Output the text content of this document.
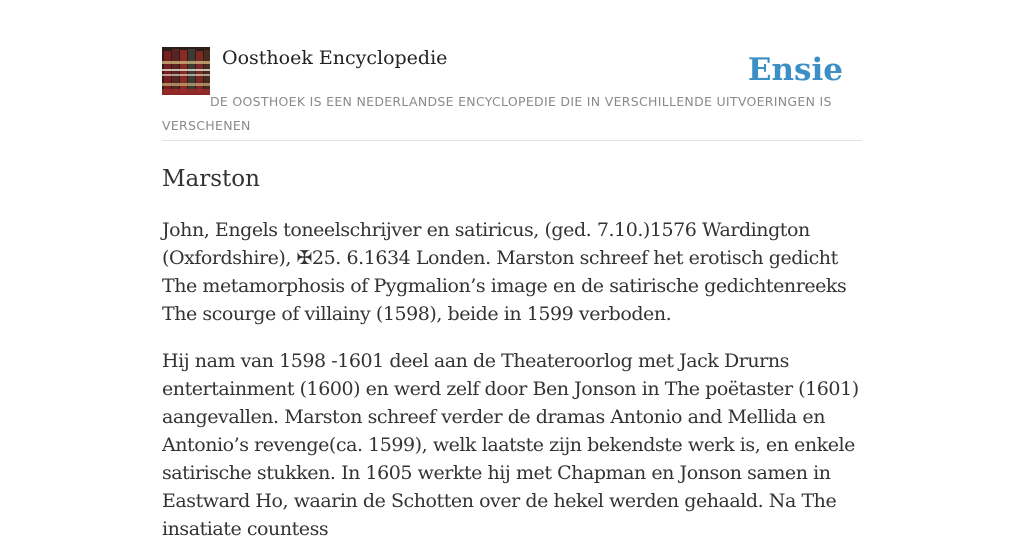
Oosthoek Encyclopedie	Ensie
DE OOSTHOEK IS EEN NEDERLANDSE ENCYCLOPEDIE DIE IN VERSCHILLENDE UITVOERINGEN IS VERSCHENEN
Marston

John, Engels toneelschrijver en satiricus, (ged. 7.10.)1576 Wardington (Oxfordshire), ✠25. 6.1634 Londen. Marston schreef het erotisch gedicht The metamorphosis of Pygmalion’s image en de satirische gedichtenreeks The scourge of villainy (1598), beide in 1599 verboden.

Hij nam van 1598 -1601 deel aan de Theateroorlog met Jack Drurns entertainment (1600) en werd zelf door Ben Jonson in The poëtaster (1601) aangevallen. Marston schreef verder de dramas Antonio and Mellida en Antonio’s revenge(ca. 1599), welk laatste zijn bekendste werk is, en enkele satirische stukken. In 1605 werkte hij met Chapman en Jonson samen in Eastward Ho, waarin de Schotten over de hekel werden gehaald. Na The insatiate countess
